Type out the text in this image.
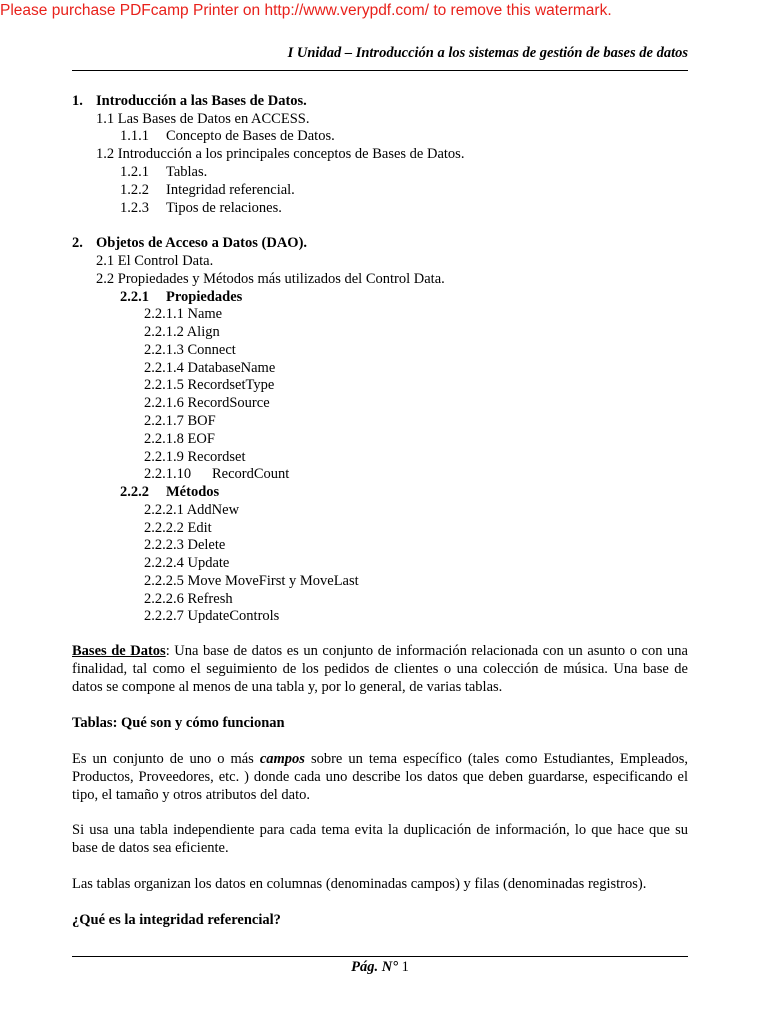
Please purchase PDFcamp Printer on http://www.verypdf.com/ to remove this watermark.
I Unidad – Introducción a los sistemas de gestión de bases de datos
1. Introducción a las Bases de Datos.
1.1 Las Bases de Datos en ACCESS.
1.1.1 Concepto de Bases de Datos.
1.2 Introducción a los principales conceptos de Bases de Datos.
1.2.1 Tablas.
1.2.2 Integridad referencial.
1.2.3 Tipos de relaciones.
2. Objetos de Acceso a Datos (DAO).
2.1 El Control Data.
2.2 Propiedades y Métodos más utilizados del Control Data.
2.2.1 Propiedades
2.2.1.1 Name
2.2.1.2 Align
2.2.1.3 Connect
2.2.1.4 DatabaseName
2.2.1.5 RecordsetType
2.2.1.6 RecordSource
2.2.1.7 BOF
2.2.1.8 EOF
2.2.1.9 Recordset
2.2.1.10 RecordCount
2.2.2 Métodos
2.2.2.1 AddNew
2.2.2.2 Edit
2.2.2.3 Delete
2.2.2.4 Update
2.2.2.5 Move MoveFirst y MoveLast
2.2.2.6 Refresh
2.2.2.7 UpdateControls
Bases de Datos: Una base de datos es un conjunto de información relacionada con un asunto o con una finalidad, tal como el seguimiento de los pedidos de clientes o una colección de música. Una base de datos se compone al menos de una tabla y, por lo general, de varias tablas.
Tablas: Qué son y cómo funcionan
Es un conjunto de uno o más campos sobre un tema específico (tales como Estudiantes, Empleados, Productos, Proveedores, etc. ) donde cada uno describe los datos que deben guardarse, especificando el tipo, el tamaño y otros atributos del dato.
Si usa una tabla independiente para cada tema evita la duplicación de información, lo que hace que su base de datos sea eficiente.
Las tablas organizan los datos en columnas (denominadas campos) y filas (denominadas registros).
¿Qué es la integridad referencial?
Pág. N° 1
